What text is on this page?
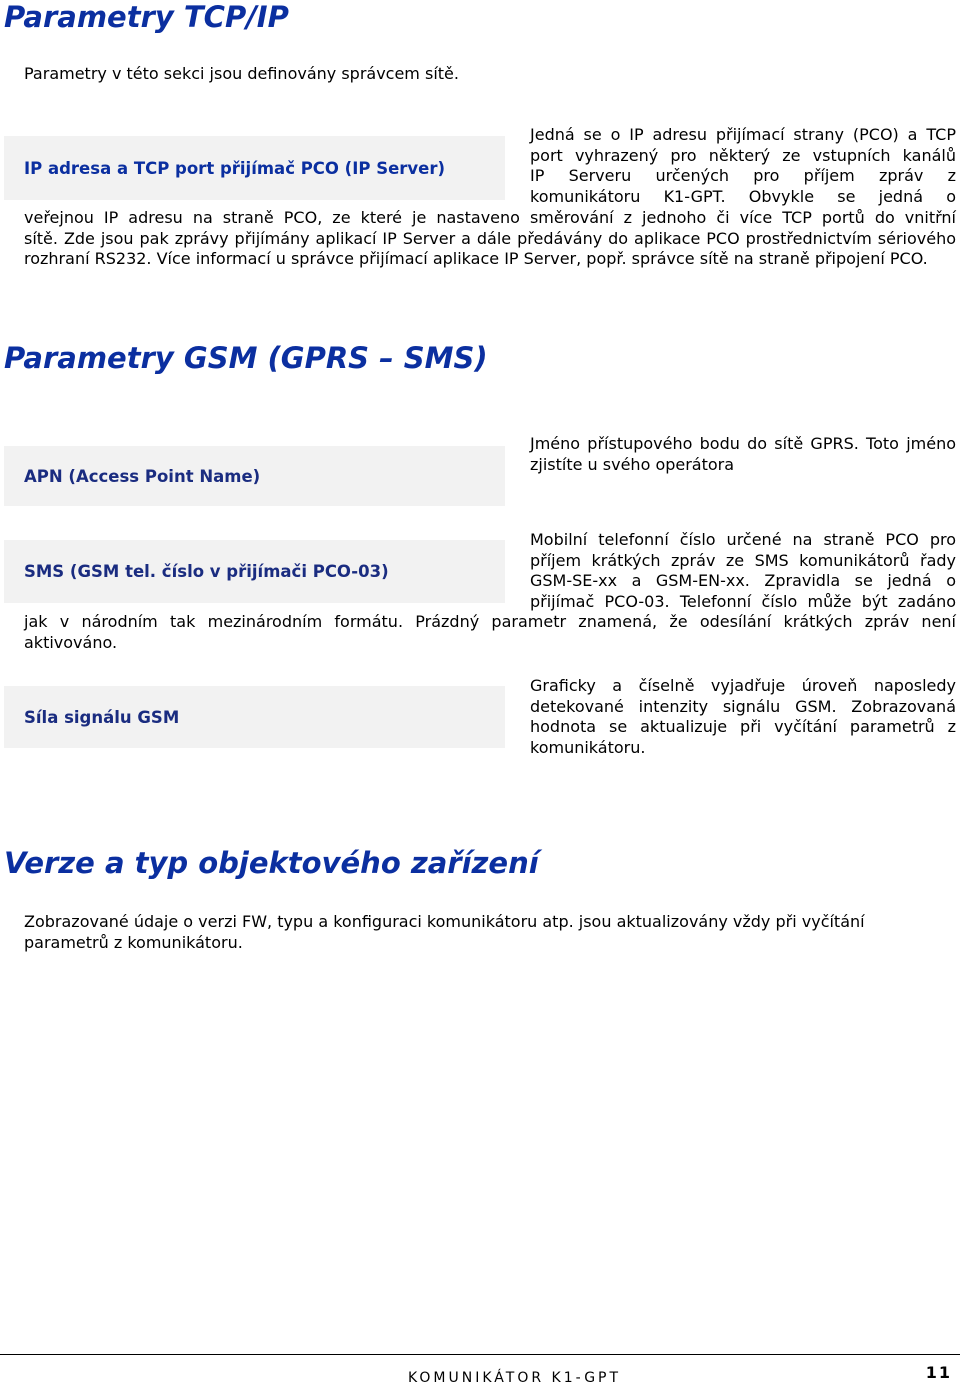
Parametry TCP/IP

Parametry v této sekci jsou definovány správcem sítě.

IP adresa a TCP port přijímač PCO (IP Server)
Jedná se o IP adresu přijímací strany (PCO) a TCP
port vyhrazený pro některý ze vstupních kanálů
IP Serveru určených pro příjem zpráv z
komunikátoru K1-GPT. Obvykle se jedná o
veřejnou IP adresu na straně PCO, ze které je nastaveno směrování z jednoho či více TCP portů do vnitřní
sítě. Zde jsou pak zprávy přijímány aplikací IP Server a dále předávány do aplikace PCO prostřednictvím sériového rozhraní RS232. Více informací u správce přijímací aplikace IP Server, popř. správce sítě na straně připojení PCO.
Parametry GSM (GPRS – SMS)
APN (Access Point Name)
Jméno přístupového bodu do sítě GPRS. Toto jméno zjistíte u svého operátora
SMS (GSM tel. číslo v přijímači PCO-03)
Mobilní telefonní číslo určené na straně PCO pro
příjem krátkých zpráv ze SMS komunikátorů řady
GSM-SE-xx a GSM-EN-xx. Zpravidla se jedná o
přijímač PCO-03. Telefonní číslo může být zadáno
jak v národním tak mezinárodním formátu. Prázdný parametr znamená, že odesílání krátkých zpráv není aktivováno.
Síla signálu GSM
Graficky a číselně vyjadřuje úroveň naposledy detekované intenzity signálu GSM. Zobrazovaná hodnota se aktualizuje při vyčítání parametrů z komunikátoru.
Verze a typ objektového zařízení
Zobrazované údaje o verzi FW, typu a konfiguraci komunikátoru atp. jsou aktualizovány vždy při vyčítání parametrů z komunikátoru.
KOMUNIKÁTOR K1-GPT	11
